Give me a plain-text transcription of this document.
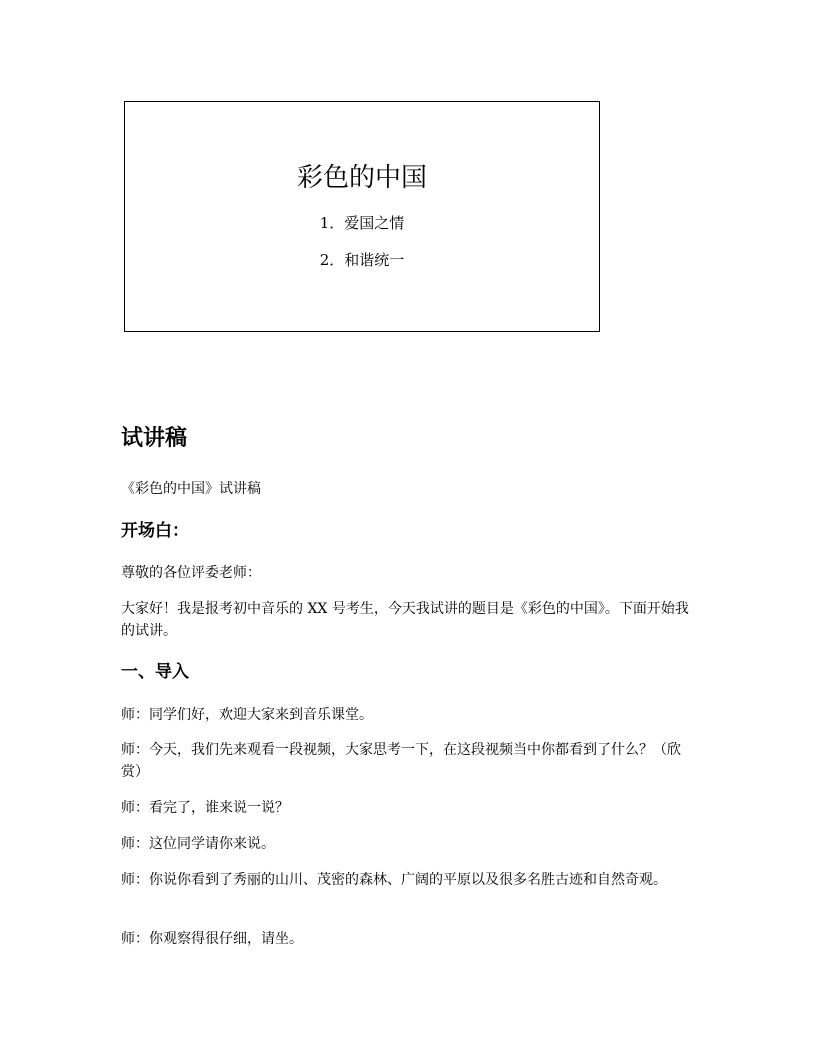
彩色的中国
1．爱国之情
2．和谐统一
试讲稿

《彩色的中国》试讲稿

开场白：

尊敬的各位评委老师：

大家好！我是报考初中音乐的 XX 号考生，今天我试讲的题目是《彩色的中国》。下面开始我的试讲。

一、导入

师：同学们好，欢迎大家来到音乐课堂。

师：今天，我们先来观看一段视频，大家思考一下，在这段视频当中你都看到了什么？（欣赏）

师：看完了，谁来说一说？

师：这位同学请你来说。

师：你说你看到了秀丽的山川、茂密的森林、广阔的平原以及很多名胜古迹和自然奇观。

师：你观察得很仔细，请坐。
